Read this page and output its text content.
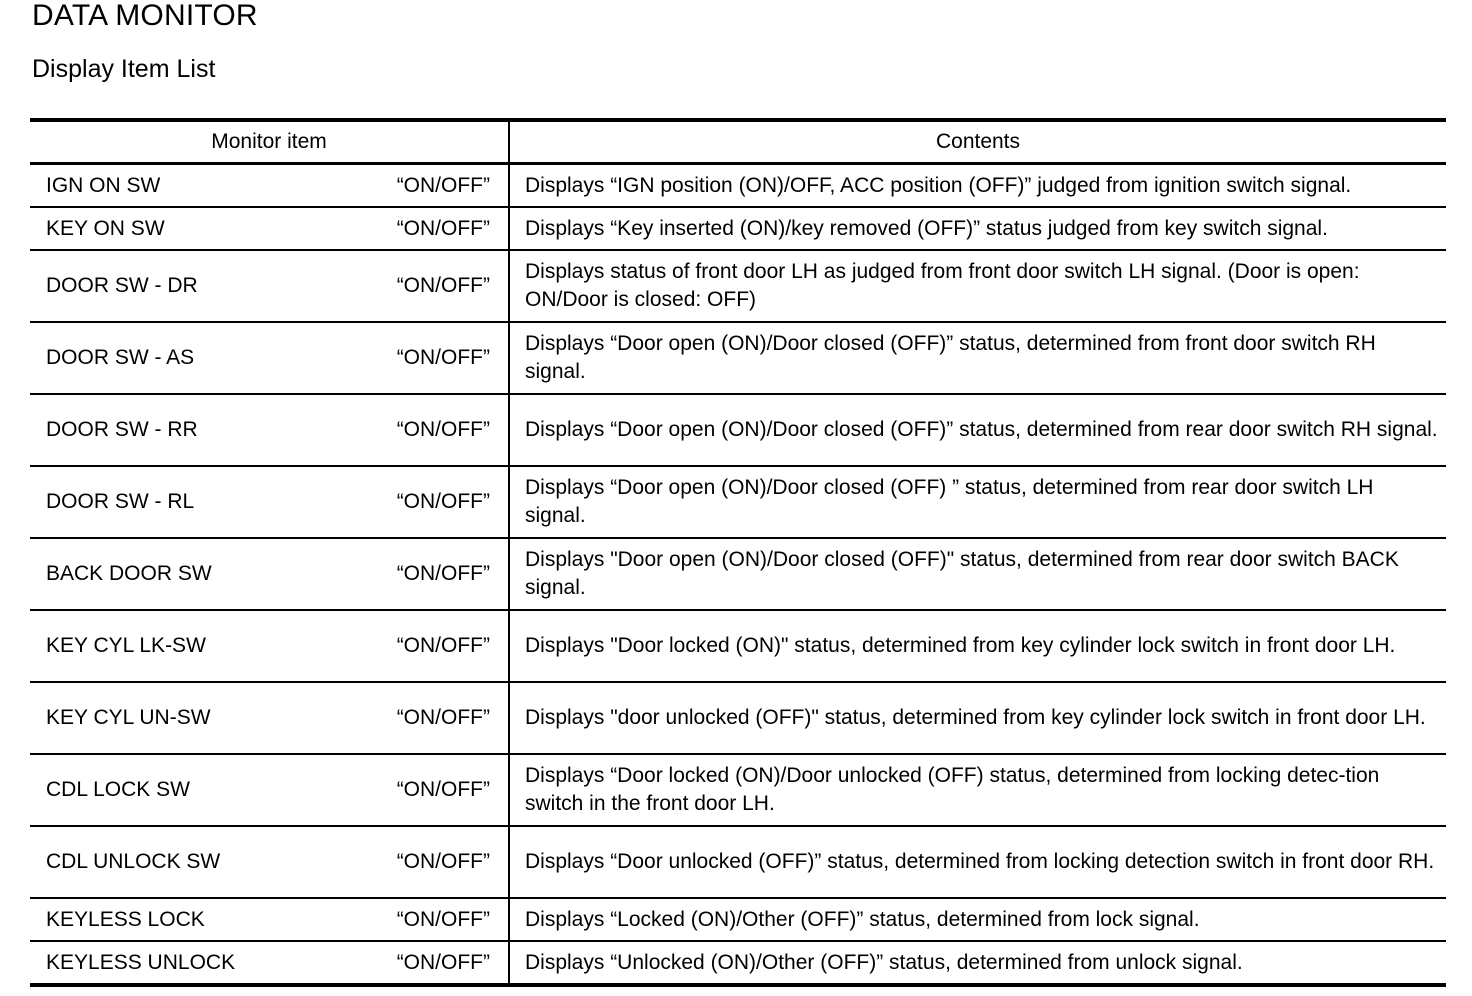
DATA MONITOR
Display Item List
Monitor item	Contents

IGN ON SW “ON/OFF”	Displays “IGN position (ON)/OFF, ACC position (OFF)” judged from ignition switch signal.

KEY ON SW “ON/OFF”	Displays “Key inserted (ON)/key removed (OFF)” status judged from key switch signal.

DOOR SW - DR “ON/OFF”	Displays status of front door LH as judged from front door switch LH signal. (Door is open: ON/Door is closed: OFF)

DOOR SW - AS “ON/OFF”	Displays “Door open (ON)/Door closed (OFF)” status, determined from front door switch RH signal.

DOOR SW - RR “ON/OFF”	Displays “Door open (ON)/Door closed (OFF)” status, determined from rear door switch RH signal.

DOOR SW - RL “ON/OFF”	Displays “Door open (ON)/Door closed (OFF) ” status, determined from rear door switch LH signal.

BACK DOOR SW “ON/OFF”	Displays "Door open (ON)/Door closed (OFF)" status, determined from rear door switch BACK signal.

KEY CYL LK-SW “ON/OFF”	Displays "Door locked (ON)" status, determined from key cylinder lock switch in front door LH.

KEY CYL UN-SW “ON/OFF”	Displays "door unlocked (OFF)" status, determined from key cylinder lock switch in front door LH.

CDL LOCK SW “ON/OFF”	Displays “Door locked (ON)/Door unlocked (OFF) status, determined from locking detec-tion switch in the front door LH.

CDL UNLOCK SW “ON/OFF”	Displays “Door unlocked (OFF)” status, determined from locking detection switch in front door RH.

KEYLESS LOCK “ON/OFF”	Displays “Locked (ON)/Other (OFF)” status, determined from lock signal.

KEYLESS UNLOCK “ON/OFF”	Displays “Unlocked (ON)/Other (OFF)” status, determined from unlock signal.
